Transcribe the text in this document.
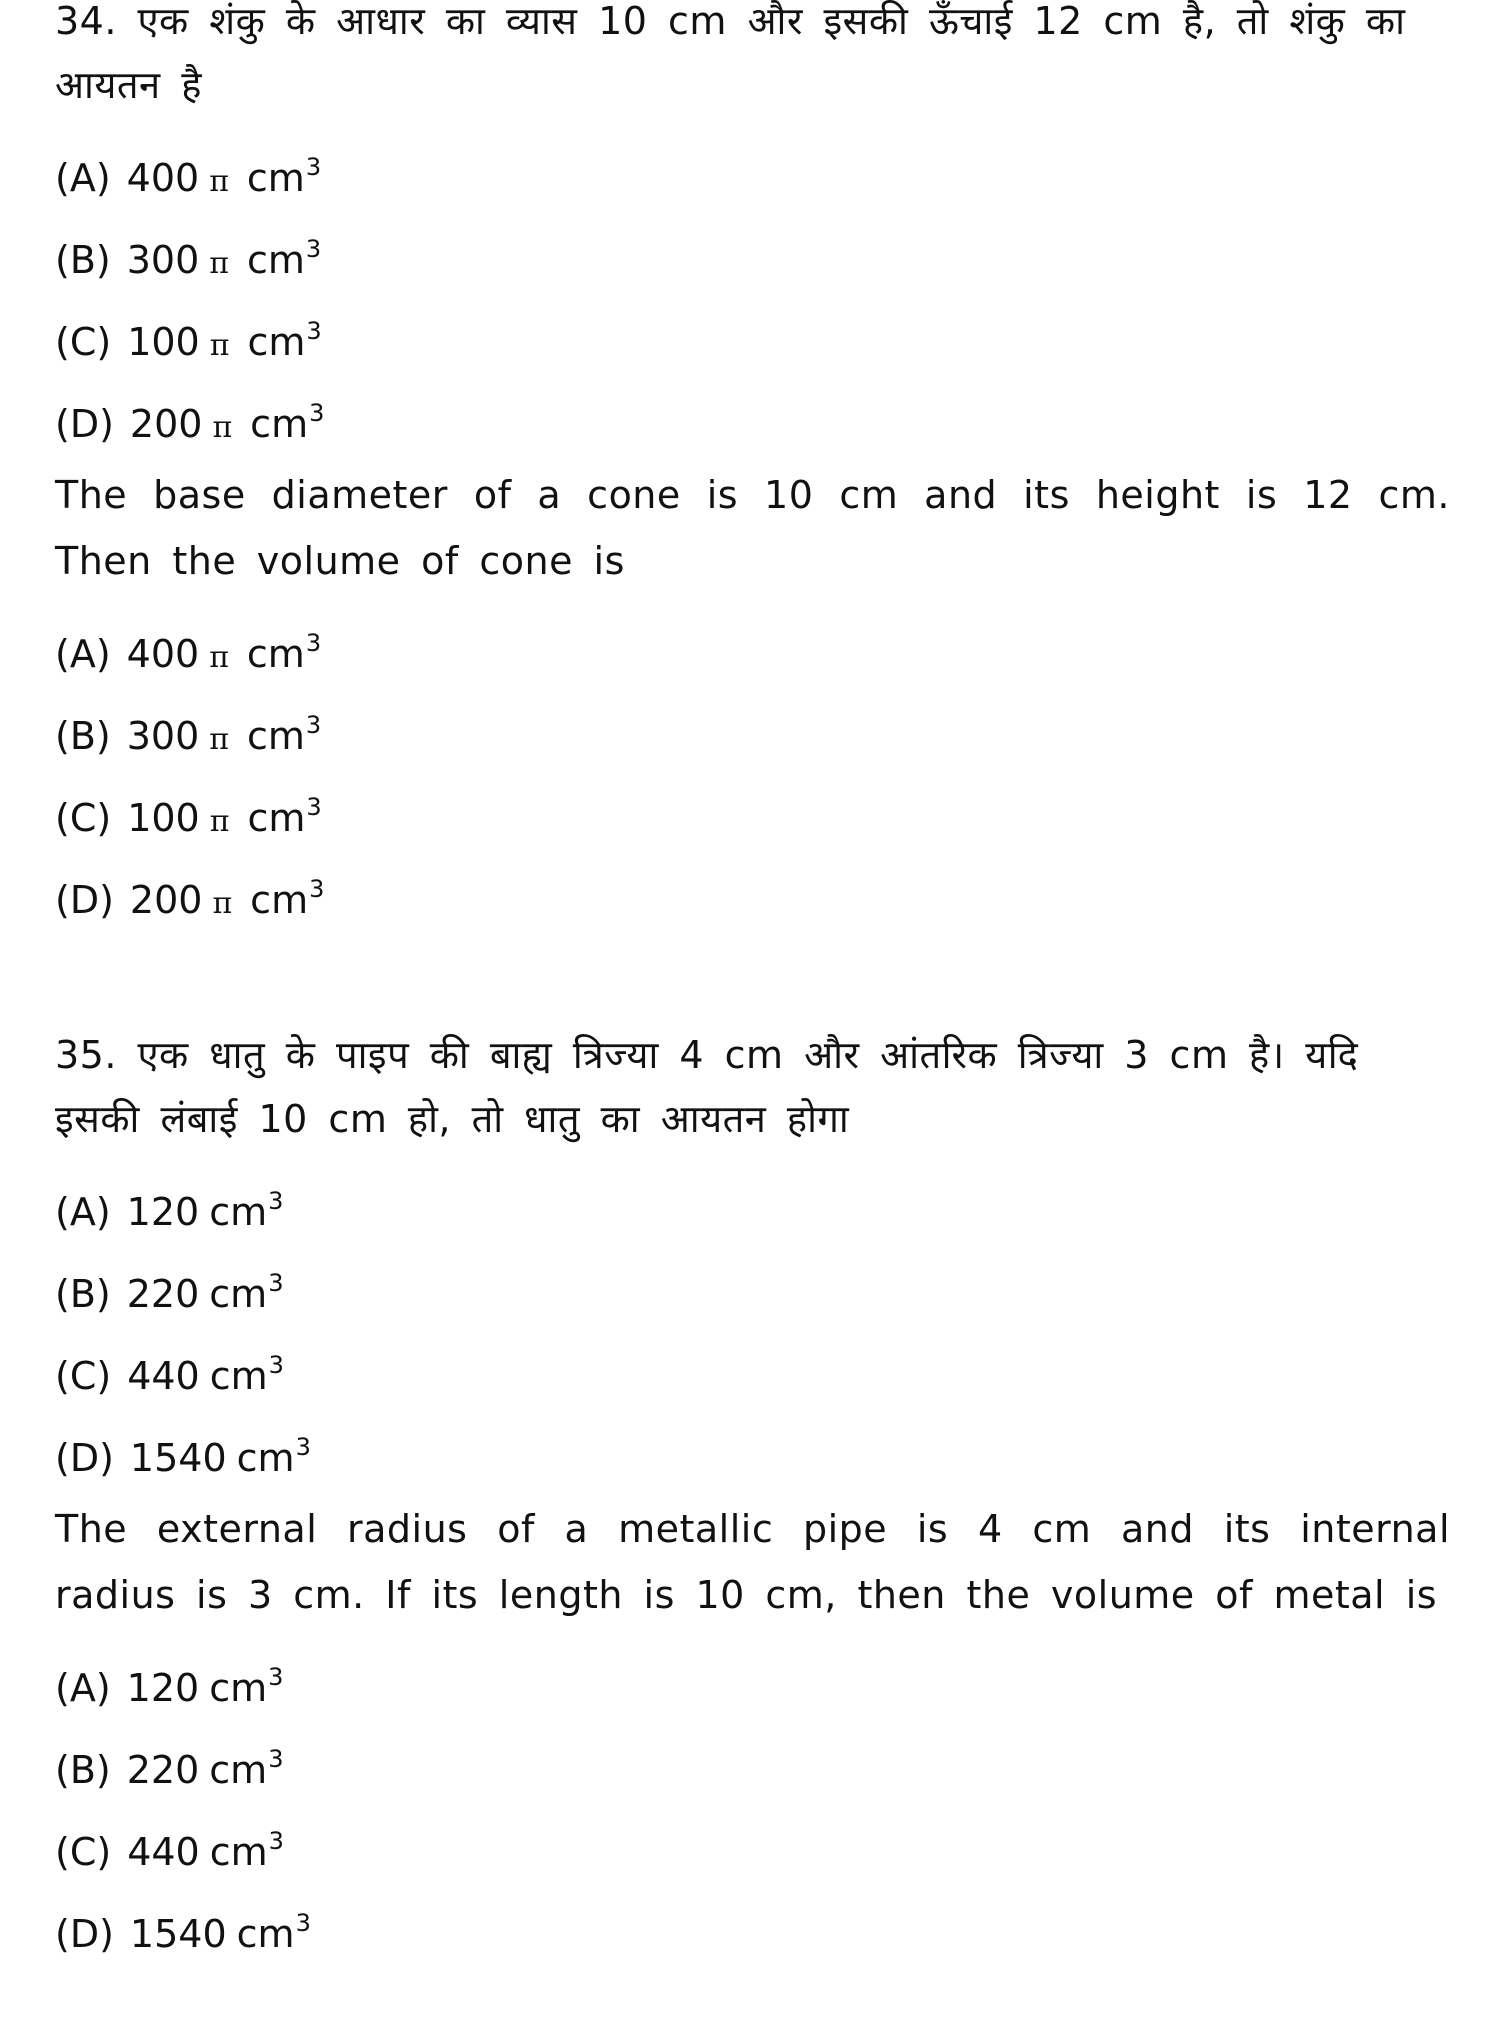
34. एक शंकु के आधार का व्यास 10 cm और इसकी ऊँचाई 12 cm है, तो शंकु का
आयतन है
(A) 400 π $cm^3$
(B) 300 π $cm^3$
(C) 100 π $cm^3$
(D) 200 π $cm^3$
The base diameter of a cone is 10 cm and its height is 12 cm. Then the volume of cone is
(A) 400 π $cm^3$
(B) 300 π $cm^3$
(C) 100 π $cm^3$
(D) 200 π $cm^3$
35. एक धातु के पाइप की बाह्य त्रिज्या 4 cm और आंतरिक त्रिज्या 3 cm है। यदि
इसकी लंबाई 10 cm हो, तो धातु का आयतन होगा
(A) 120 $cm^3$
(B) 220 $cm^3$
(C) 440 $cm^3$
(D) 1540 $cm^3$
The external radius of a metallic pipe is 4 cm and its internal radius is 3 cm. If its length is 10 cm, then the volume of metal is
(A) 120 $cm^3$
(B) 220 $cm^3$
(C) 440 $cm^3$
(D) 1540 $cm^3$
